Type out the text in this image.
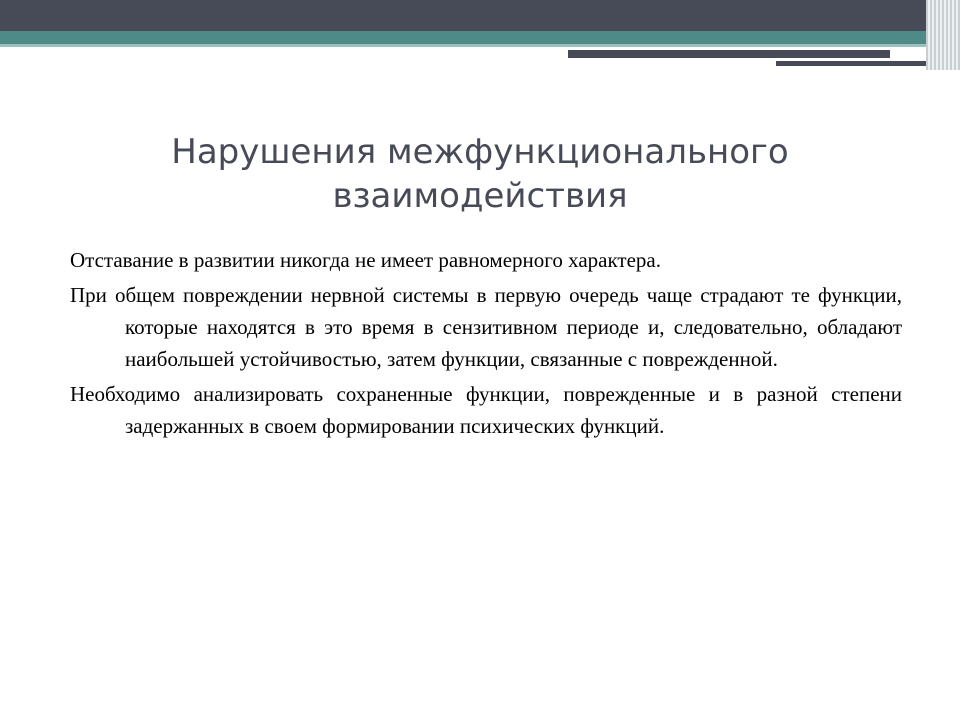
Нарушения межфункционального взаимодействия
Отставание в развитии никогда не имеет равномерного характера.
При общем повреждении нервной системы в первую очередь чаще страдают те функции, которые находятся в это время в сензитивном периоде и, следовательно, обладают наибольшей устойчивостью, затем функции, связанные с поврежденной.
Необходимо анализировать сохраненные функции, поврежденные и в разной степени задержанных в своем формировании психических функций.
